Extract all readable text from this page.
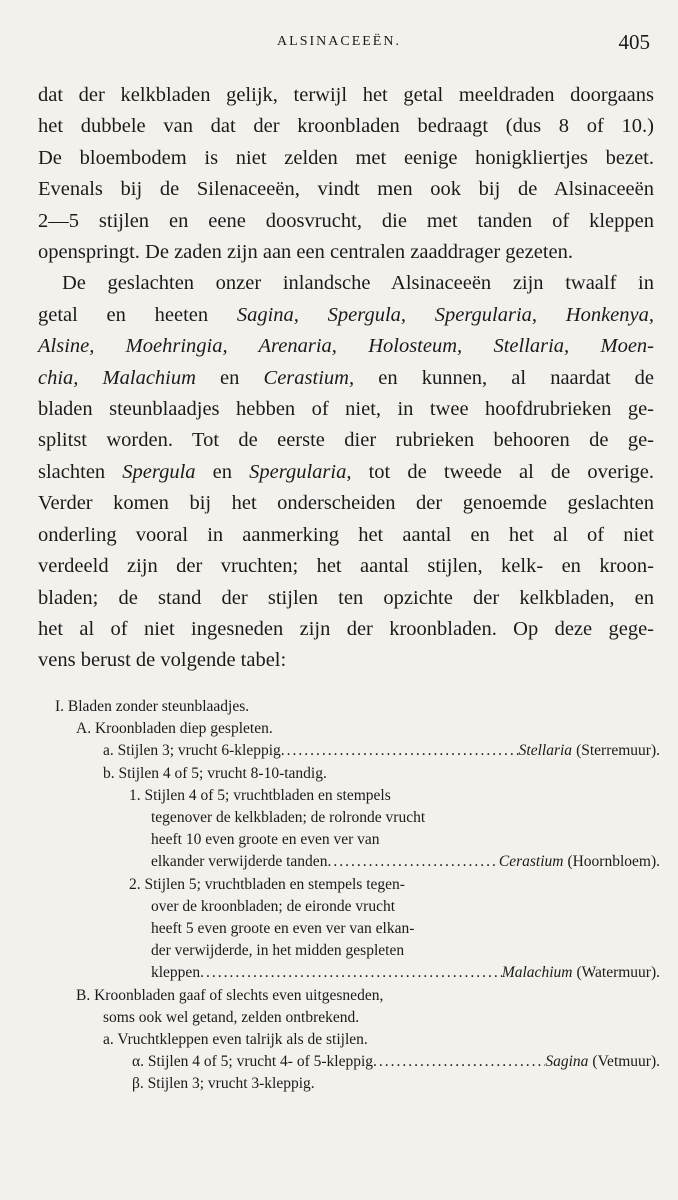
ALSINACEEËN.	405
dat der kelkbladen gelijk, terwijl het getal meeldraden doorgaans
het dubbele van dat der kroonbladen bedraagt (dus 8 of 10.)
De bloembodem is niet zelden met eenige honigkliertjes bezet.
Evenals bij de Silenaceeën, vindt men ook bij de Alsinaceeën
2—5 stijlen en eene doosvrucht, die met tanden of kleppen
openspringt. De zaden zijn aan een centralen zaaddrager gezeten.
De geslachten onzer inlandsche Alsinaceeën zijn twaalf in
getal en heeten Sagina, Spergula, Spergularia, Honkenya,
Alsine, Moehringia, Arenaria, Holosteum, Stellaria, Moen-
chia, Malachium en Cerastium, en kunnen, al naardat de
bladen steunblaadjes hebben of niet, in twee hoofdrubrieken ge-
splitst worden. Tot de eerste dier rubrieken behooren de ge-
slachten Spergula en Spergularia, tot de tweede al de overige.
Verder komen bij het onderscheiden der genoemde geslachten
onderling vooral in aanmerking het aantal en het al of niet
verdeeld zijn der vruchten; het aantal stijlen, kelk- en kroon-
bladen; de stand der stijlen ten opzichte der kelkbladen, en
het al of niet ingesneden zijn der kroonbladen. Op deze gege-
vens berust de volgende tabel:
I. Bladen zonder steunblaadjes.
A. Kroonbladen diep gespleten.
a. Stijlen 3; vrucht 6-kleppig .....	Stellaria (Sterremuur).
b. Stijlen 4 of 5; vrucht 8-10-tandig.
1. Stijlen 4 of 5; vruchtbladen en stempels
tegenover de kelkbladen; de rolronde vrucht
heeft 10 even groote en even ver van
elkander verwijderde tanden .....	Cerastium (Hoornbloem).
2. Stijlen 5; vruchtbladen en stempels tegen-
over de kroonbladen; de eironde vrucht
heeft 5 even groote en even ver van elkan-
der verwijderde, in het midden gespleten
kleppen .....	Malachium (Watermuur).
B. Kroonbladen gaaf of slechts even uitgesneden,
soms ook wel getand, zelden ontbrekend.
a. Vruchtkleppen even talrijk als de stijlen.
α. Stijlen 4 of 5; vrucht 4- of 5-kleppig .....	Sagina (Vetmuur).
β. Stijlen 3; vrucht 3-kleppig.
